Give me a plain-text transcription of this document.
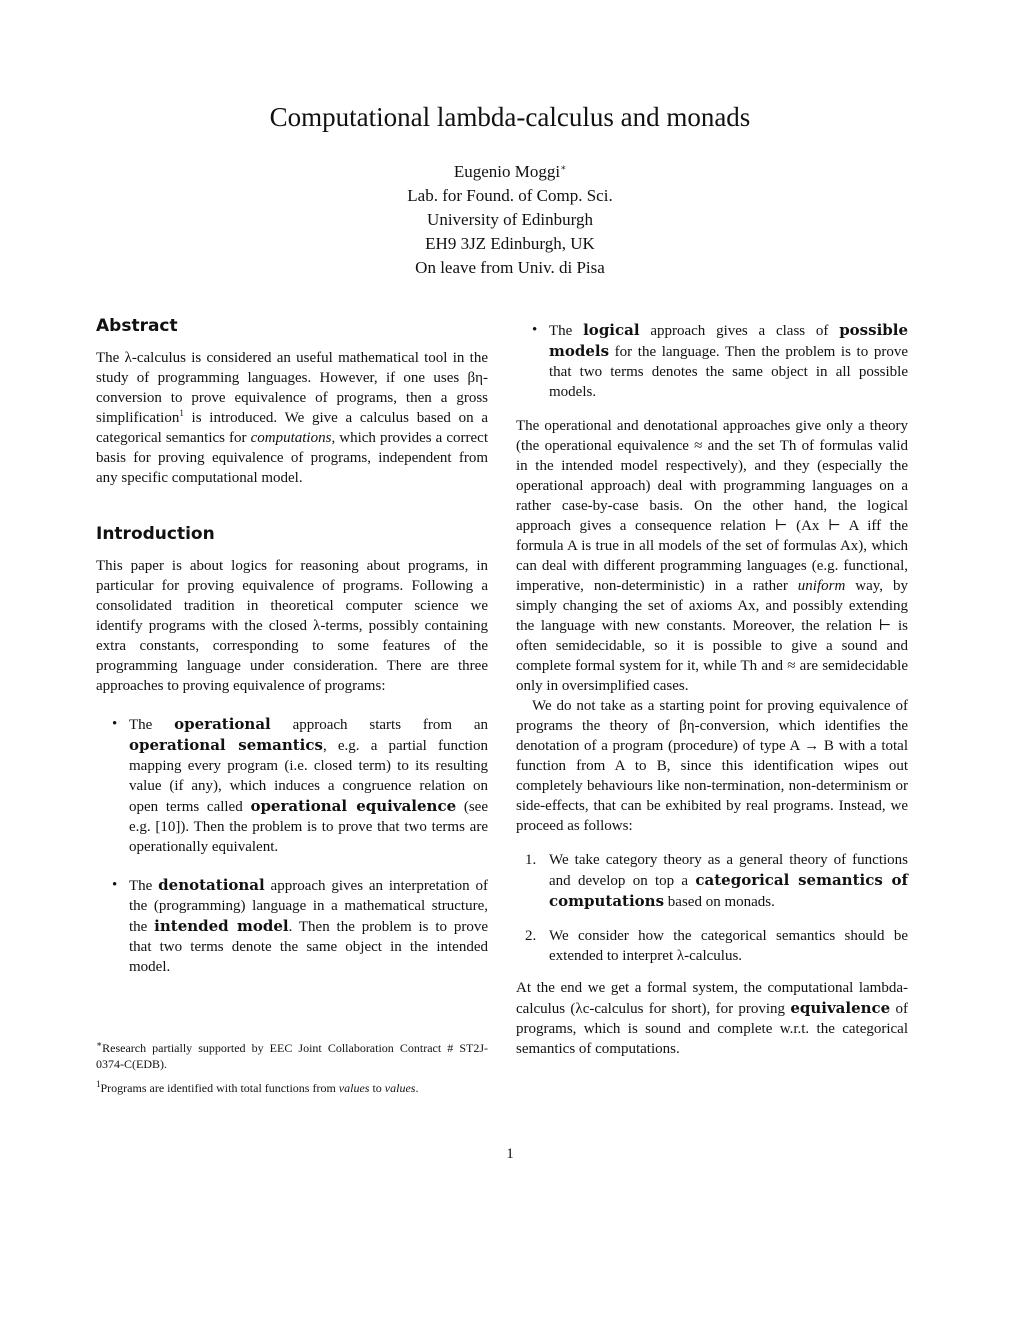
Computational lambda-calculus and monads
Eugenio Moggi∗
Lab. for Found. of Comp. Sci.
University of Edinburgh
EH9 3JZ Edinburgh, UK
On leave from Univ. di Pisa
Abstract

The λ-calculus is considered an useful mathematical tool in the study of programming languages. However, if one uses βη-conversion to prove equivalence of programs, then a gross simplification$^1$ is introduced. We give a calculus based on a categorical semantics for computations, which provides a correct basis for proving equivalence of programs, independent from any specific computational model.

Introduction

This paper is about logics for reasoning about programs, in particular for proving equivalence of programs. Following a consolidated tradition in theoretical computer science we identify programs with the closed λ-terms, possibly containing extra constants, corresponding to some features of the programming language under consideration. There are three approaches to proving equivalence of programs:

• The operational approach starts from an operational semantics, e.g. a partial function mapping every program (i.e. closed term) to its resulting value (if any), which induces a congruence relation on open terms called operational equivalence (see e.g. [10]). Then the problem is to prove that two terms are operationally equivalent.
• The denotational approach gives an interpretation of the (programming) language in a mathematical structure, the intended model. Then the problem is to prove that two terms denote the same object in the intended model.
• The logical approach gives a class of possible models for the language. Then the problem is to prove that two terms denotes the same object in all possible models.

The operational and denotational approaches give only a theory (the operational equivalence ≈ and the set Th of formulas valid in the intended model respectively), and they (especially the operational approach) deal with programming languages on a rather case-by-case basis. On the other hand, the logical approach gives a consequence relation ⊢ (Ax ⊢ A iff the formula A is true in all models of the set of formulas Ax), which can deal with different programming languages (e.g. functional, imperative, non-deterministic) in a rather uniform way, by simply changing the set of axioms Ax, and possibly extending the language with new constants. Moreover, the relation ⊢ is often semidecidable, so it is possible to give a sound and complete formal system for it, while Th and ≈ are semidecidable only in oversimplified cases.

We do not take as a starting point for proving equivalence of programs the theory of βη-conversion, which identifies the denotation of a program (procedure) of type A → B with a total function from A to B, since this identification wipes out completely behaviours like non-termination, non-determinism or side-effects, that can be exhibited by real programs. Instead, we proceed as follows:

1. We take category theory as a general theory of functions and develop on top a categorical semantics of computations based on monads.
2. We consider how the categorical semantics should be extended to interpret λ-calculus.

At the end we get a formal system, the computational lambda-calculus (λc-calculus for short), for proving equivalence of programs, which is sound and complete w.r.t. the categorical semantics of computations.

∗Research partially supported by EEC Joint Collaboration Contract # ST2J-0374-C(EDB).

$^1$Programs are identified with total functions from values to values.

1
